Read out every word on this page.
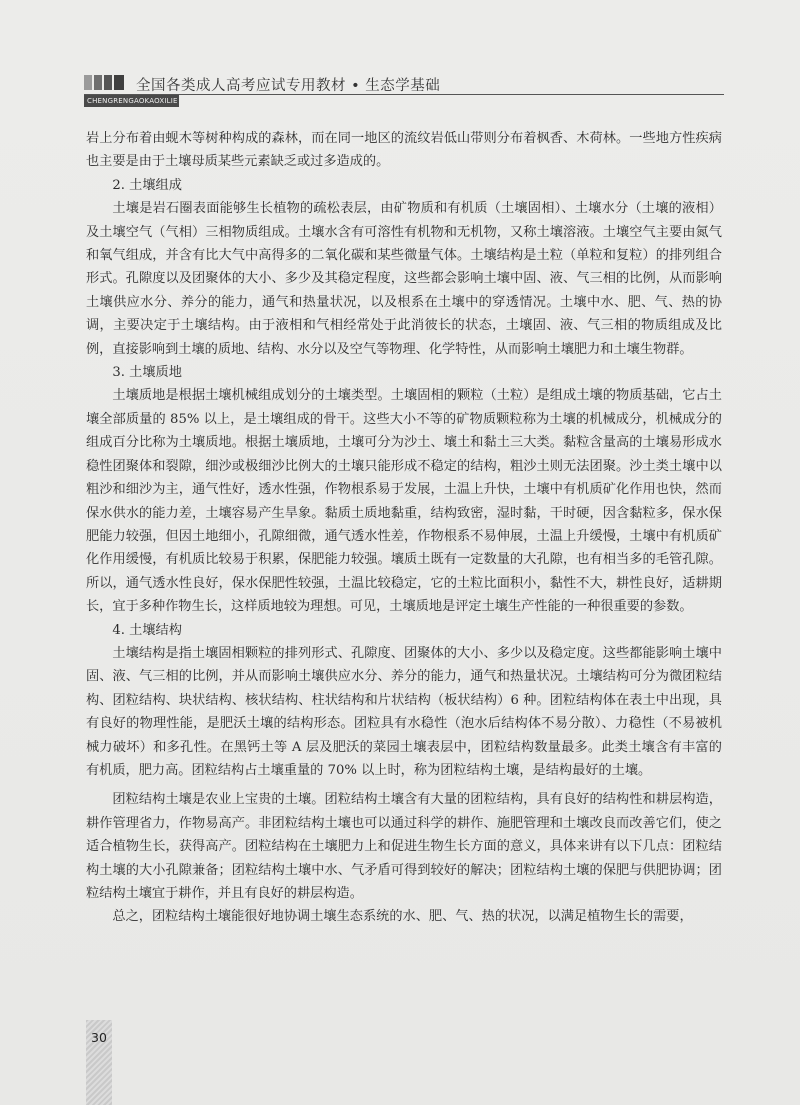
全国各类成人高考应试专用教材 • 生态学基础
CHENGRENGAOKAOXILIE

岩上分布着由蚬木等树种构成的森林，而在同一地区的流纹岩低山带则分布着枫香、木荷林。一些地方性疾病也主要是由于土壤母质某些元素缺乏或过多造成的。

2. 土壤组成

土壤是岩石圈表面能够生长植物的疏松表层，由矿物质和有机质（土壤固相）、土壤水分（土壤的液相）及土壤空气（气相）三相物质组成。土壤水含有可溶性有机物和无机物，又称土壤溶液。土壤空气主要由氮气和氧气组成，并含有比大气中高得多的二氧化碳和某些微量气体。土壤结构是土粒（单粒和复粒）的排列组合形式。孔隙度以及团聚体的大小、多少及其稳定程度，这些都会影响土壤中固、液、气三相的比例，从而影响土壤供应水分、养分的能力，通气和热量状况，以及根系在土壤中的穿透情况。土壤中水、肥、气、热的协调，主要决定于土壤结构。由于液相和气相经常处于此消彼长的状态，土壤固、液、气三相的物质组成及比例，直接影响到土壤的质地、结构、水分以及空气等物理、化学特性，从而影响土壤肥力和土壤生物群。

3. 土壤质地

土壤质地是根据土壤机械组成划分的土壤类型。土壤固相的颗粒（土粒）是组成土壤的物质基础，它占土壤全部质量的 85% 以上，是土壤组成的骨干。这些大小不等的矿物质颗粒称为土壤的机械成分，机械成分的组成百分比称为土壤质地。根据土壤质地，土壤可分为沙土、壤土和黏土三大类。黏粒含量高的土壤易形成水稳性团聚体和裂隙，细沙或极细沙比例大的土壤只能形成不稳定的结构，粗沙土则无法团聚。沙土类土壤中以粗沙和细沙为主，通气性好，透水性强，作物根系易于发展，土温上升快，土壤中有机质矿化作用也快，然而保水供水的能力差，土壤容易产生旱象。黏质土质地黏重，结构致密，湿时黏，干时硬，因含黏粒多，保水保肥能力较强，但因土地细小，孔隙细微，通气透水性差，作物根系不易伸展，土温上升缓慢，土壤中有机质矿化作用缓慢，有机质比较易于积累，保肥能力较强。壤质土既有一定数量的大孔隙，也有相当多的毛管孔隙。所以，通气透水性良好，保水保肥性较强，土温比较稳定，它的土粒比面积小，黏性不大，耕性良好，适耕期长，宜于多种作物生长，这样质地较为理想。可见，土壤质地是评定土壤生产性能的一种很重要的参数。

4. 土壤结构

土壤结构是指土壤固相颗粒的排列形式、孔隙度、团聚体的大小、多少以及稳定度。这些都能影响土壤中固、液、气三相的比例，并从而影响土壤供应水分、养分的能力，通气和热量状况。土壤结构可分为微团粒结构、团粒结构、块状结构、核状结构、柱状结构和片状结构（板状结构）6 种。团粒结构体在表土中出现，具有良好的物理性能，是肥沃土壤的结构形态。团粒具有水稳性（泡水后结构体不易分散）、力稳性（不易被机械力破坏）和多孔性。在黑钙土等 A 层及肥沃的菜园土壤表层中，团粒结构数量最多。此类土壤含有丰富的有机质，肥力高。团粒结构占土壤重量的 70% 以上时，称为团粒结构土壤，是结构最好的土壤。

团粒结构土壤是农业上宝贵的土壤。团粒结构土壤含有大量的团粒结构，具有良好的结构性和耕层构造，耕作管理省力，作物易高产。非团粒结构土壤也可以通过科学的耕作、施肥管理和土壤改良而改善它们，使之适合植物生长，获得高产。团粒结构在土壤肥力上和促进生物生长方面的意义，具体来讲有以下几点：团粒结构土壤的大小孔隙兼备；团粒结构土壤中水、气矛盾可得到较好的解决；团粒结构土壤的保肥与供肥协调；团粒结构土壤宜于耕作，并且有良好的耕层构造。

总之，团粒结构土壤能很好地协调土壤生态系统的水、肥、气、热的状况，以满足植物生长的需要，

30
